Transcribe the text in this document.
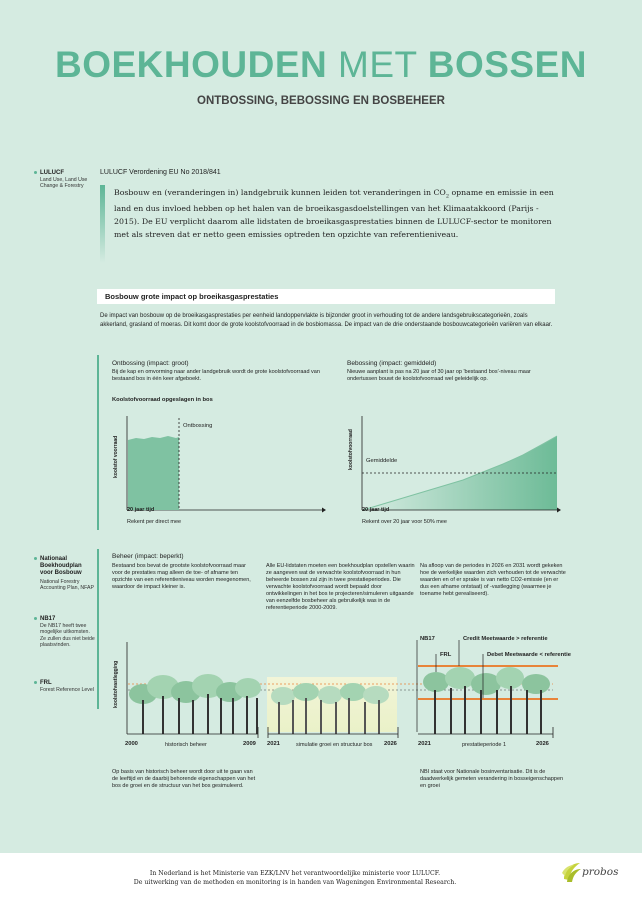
BOEKHOUDEN MET BOSSEN
ONTBOSSING, BEBOSSING EN BOSBEHEER
LULUCF
Land Use, Land Use Change & Forestry
LULUCF Verordening EU No 2018/841
Bosbouw en (veranderingen in) landgebruik kunnen leiden tot veranderingen in $CO_2$ opname en emissie in een land en dus invloed hebben op het halen van de broeikasgasdoelstellingen van het Klimaatakkoord (Parijs - 2015). De EU verplicht daarom alle lidstaten de broeikasgasprestaties binnen de LULUCF-sector te monitoren met als streven dat er netto geen emissies optreden ten opzichte van referentieniveau.
Bosbouw grote impact op broeikasgasprestaties
De impact van bosbouw op de broeikasgasprestaties per eenheid landoppervlakte is bijzonder groot in verhouding tot de andere landsgebruikscategorieën, zoals akkerland, grasland of moeras. Dit komt door de grote koolstofvoorraad in de bosbiomassa. De impact van de drie onderstaande bosbouwcategorieën variëren van elkaar.
Ontbossing (impact: groot)
Bij de kap en omvorming naar ander landgebruik wordt de grote koolstofvoorraad van bestaand bos in één keer afgeboekt.
Koolstofvoorraad opgeslagen in bos
koolstof voorraad
Ontbossing
20 jaar tijd
Rekent per direct mee
Bebossing (impact: gemiddeld)
Nieuwe aanplant is pas na 20 jaar of 30 jaar op 'bestaand bos'-niveau maar ondertussen bouwt de koolstofvoorraad wel geleidelijk op.
koolstofvoorraad Gemiddelde
20 jaar tijd
Rekent over 20 jaar voor 50% mee
Nationaal Boekhoudplan voor Bosbouw
National Forestry Accounting Plan, NFAP
NB17
De NB17 heeft twee mogelijke uitkomsten. Ze zullen dus niet beide plaatsvinden.
FRL
Forest Reference Level
Beheer (impact: beperkt)
Bestaand bos bevat de grootste koolstofvoorraad maar voor de prestaties mag alleen de toe- of afname ten opzichte van een referentieniveau worden meegenomen, waardoor de impact kleiner is.
Alle EU-lidstaten moeten een boekhoudplan opstellen waarin ze aangeven wat de verwachte koolstofvoorraad in hun beheerde bossen zal zijn in twee prestatieperiodes. Die verwachte koolstofvoorraad wordt bepaald door ontwikkelingen in het bos te projecteren/simuleren uitgaande van eenzelfde bosbeheer als gebruikelijk was in de referentieperiode 2000-2009.
Na afloop van de periodes in 2026 en 2031 wordt gekeken hoe de werkelijke waarden zich verhouden tot de verwachte waarden en of er sprake is van netto CO2-emissie (en er dus een afname ontstaat) of -vastlegging (waarmee je toename hebt gerealiseerd).
koolstofvastlegging
NB17
FRL
Credit Meetwaarde > referentie
Debet Meetwaarde < referentie
2000	historisch beheer	2009 2021	simulatie groei en structuur bos 2026	2021	prestatieperiode 1	2026
Op basis van historisch beheer wordt door uit te gaan van de leeftijd en de daarbij behorende eigenschappen van het bos de groei en de structuur van het bos gesimuleerd.
NBI staat voor Nationale bosinventarisatie. Dit is de daadwerkelijk gemeten verandering in bosseigenschappen en groei
In Nederland is het Ministerie van EZK/LNV het verantwoordelijke ministerie voor LULUCF.
De uitwerking van de methoden en monitoring is in handen van Wageningen Environmental Research.
probos
